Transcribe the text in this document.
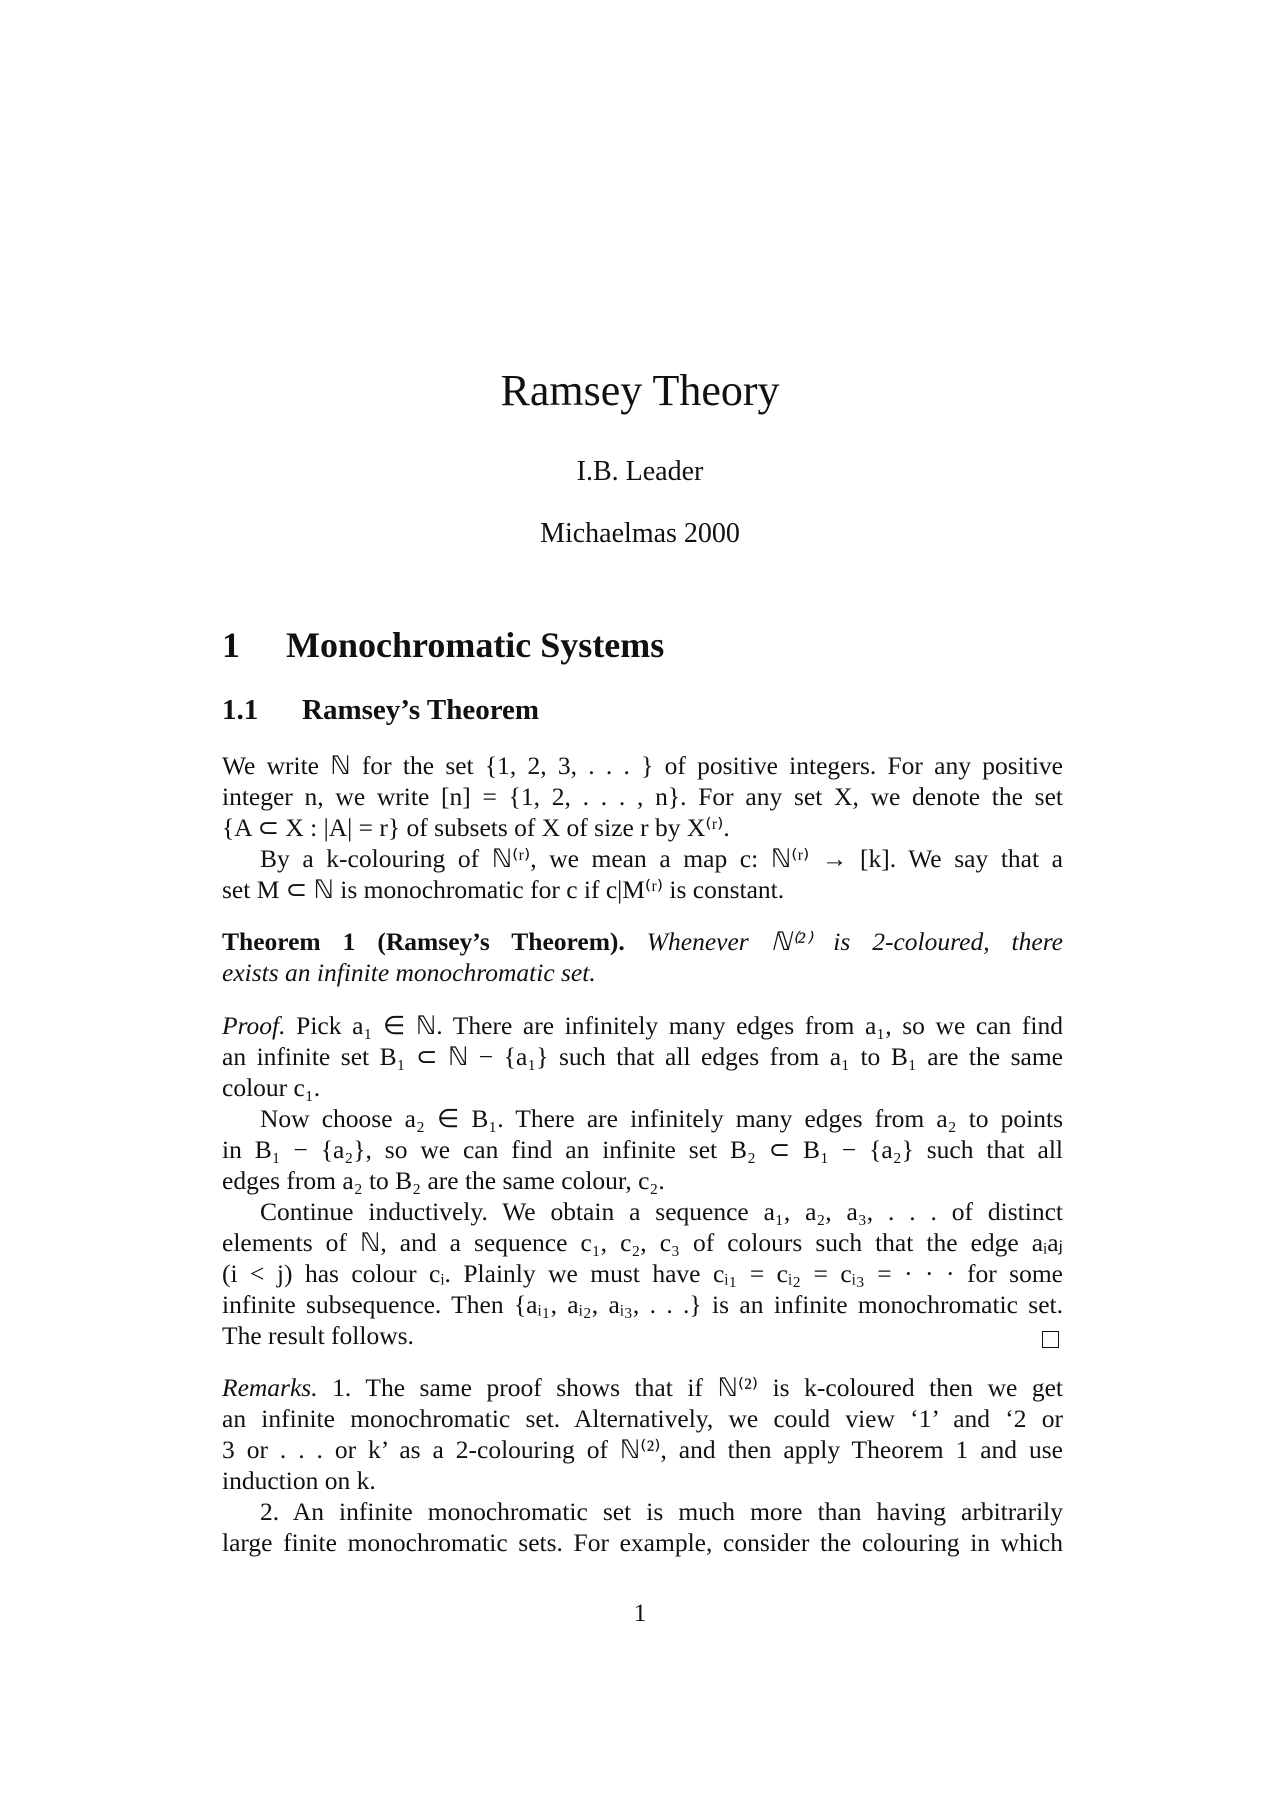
Ramsey Theory
I.B. Leader
Michaelmas 2000
1 Monochromatic Systems
1.1 Ramsey’s Theorem
We write ℕ for the set {1, 2, 3, . . . } of positive integers. For any positive
integer n, we write [n] = {1, 2, . . . , n}. For any set X, we denote the set
{A ⊂ X : |A| = r} of subsets of X of size r by X⁽ʳ⁾.
By a k-colouring of ℕ⁽ʳ⁾, we mean a map c: ℕ⁽ʳ⁾ → [k]. We say that a
set M ⊂ ℕ is monochromatic for c if c|M⁽ʳ⁾ is constant.
Theorem 1 (Ramsey’s Theorem). Whenever ℕ⁽²⁾ is 2-coloured, there
exists an infinite monochromatic set.
Proof. Pick a₁ ∈ ℕ. There are infinitely many edges from a₁, so we can find
an infinite set B₁ ⊂ ℕ − {a₁} such that all edges from a₁ to B₁ are the same
colour c₁.
Now choose a₂ ∈ B₁. There are infinitely many edges from a₂ to points
in B₁ − {a₂}, so we can find an infinite set B₂ ⊂ B₁ − {a₂} such that all
edges from a₂ to B₂ are the same colour, c₂.
Continue inductively. We obtain a sequence a₁, a₂, a₃, . . . of distinct
elements of ℕ, and a sequence c₁, c₂, c₃ of colours such that the edge aᵢaⱼ
(i < j) has colour cᵢ. Plainly we must have cᵢ₁ = cᵢ₂ = cᵢ₃ = · · · for some
infinite subsequence. Then {aᵢ₁, aᵢ₂, aᵢ₃, . . .} is an infinite monochromatic set.
The result follows.
Remarks. 1. The same proof shows that if ℕ⁽²⁾ is k-coloured then we get
an infinite monochromatic set. Alternatively, we could view ‘1’ and ‘2 or
3 or . . . or k’ as a 2-colouring of ℕ⁽²⁾, and then apply Theorem 1 and use
induction on k.
2. An infinite monochromatic set is much more than having arbitrarily
large finite monochromatic sets. For example, consider the colouring in which
1
